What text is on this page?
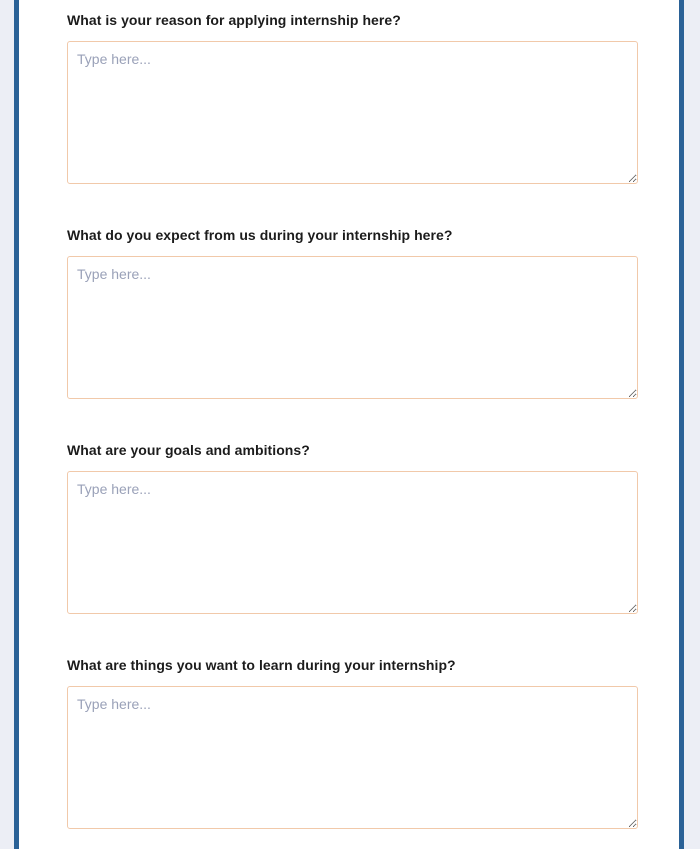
What is your reason for applying internship here?
Type here...
What do you expect from us during your internship here?
Type here...
What are your goals and ambitions?
Type here...
What are things you want to learn during your internship?
Type here...
